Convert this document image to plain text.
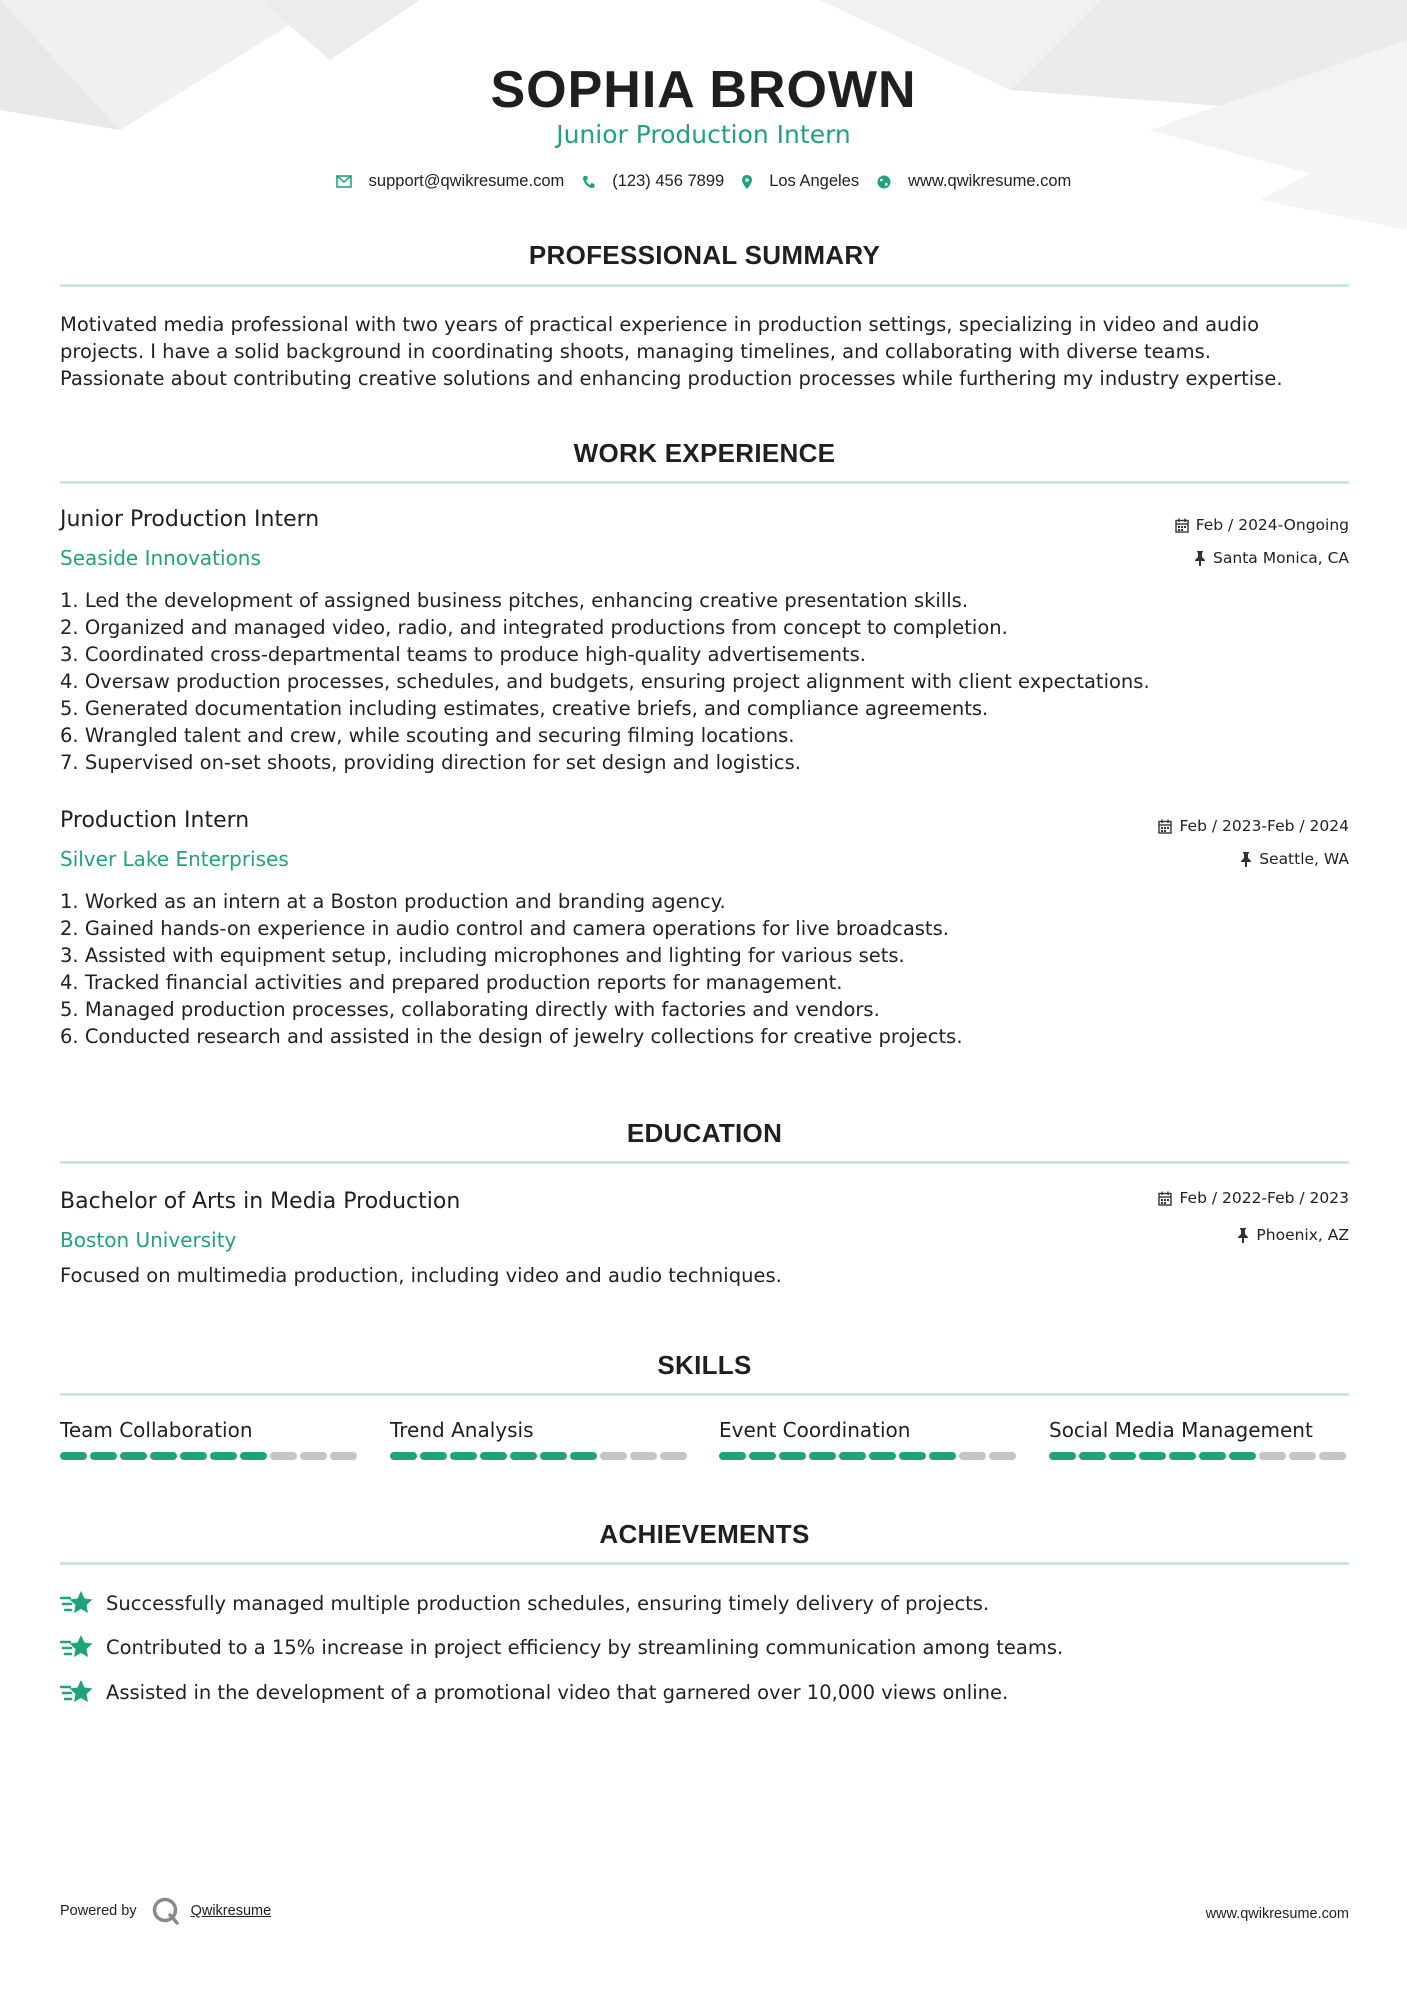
SOPHIA BROWN
Junior Production Intern
support@qwikresume.com	(123) 456 7899	Los Angeles	www.qwikresume.com
PROFESSIONAL SUMMARY
Motivated media professional with two years of practical experience in production settings, specializing in video and audio
projects. I have a solid background in coordinating shoots, managing timelines, and collaborating with diverse teams.
Passionate about contributing creative solutions and enhancing production processes while furthering my industry expertise.
WORK EXPERIENCE
Junior Production Intern
Seaside Innovations
Feb / 2024-Ongoing
Santa Monica, CA
1.
Led the development of assigned business pitches, enhancing creative presentation skills.
2.
Organized and managed video, radio, and integrated productions from concept to completion.
3.
Coordinated cross-departmental teams to produce high-quality advertisements.
4.
Oversaw production processes, schedules, and budgets, ensuring project alignment with client expectations.
5.
Generated documentation including estimates, creative briefs, and compliance agreements.
6.
Wrangled talent and crew, while scouting and securing filming locations.
7.
Supervised on-set shoots, providing direction for set design and logistics.
Production Intern
Silver Lake Enterprises
Feb / 2023-Feb / 2024
Seattle, WA
1.
Worked as an intern at a Boston production and branding agency.
2.
Gained hands-on experience in audio control and camera operations for live broadcasts.
3.
Assisted with equipment setup, including microphones and lighting for various sets.
4.
Tracked financial activities and prepared production reports for management.
5.
Managed production processes, collaborating directly with factories and vendors.
6.
Conducted research and assisted in the design of jewelry collections for creative projects.
EDUCATION
Bachelor of Arts in Media Production
Boston University
Feb / 2022-Feb / 2023
Phoenix, AZ
Focused on multimedia production, including video and audio techniques.
SKILLS
Team Collaboration	Trend Analysis	Event Coordination	Social Media Management
ACHIEVEMENTS
Successfully managed multiple production schedules, ensuring timely delivery of projects.
Contributed to a 15% increase in project efficiency by streamlining communication among teams.
Assisted in the development of a promotional video that garnered over 10,000 views online.
Powered by	Qwikresume	www.qwikresume.com
